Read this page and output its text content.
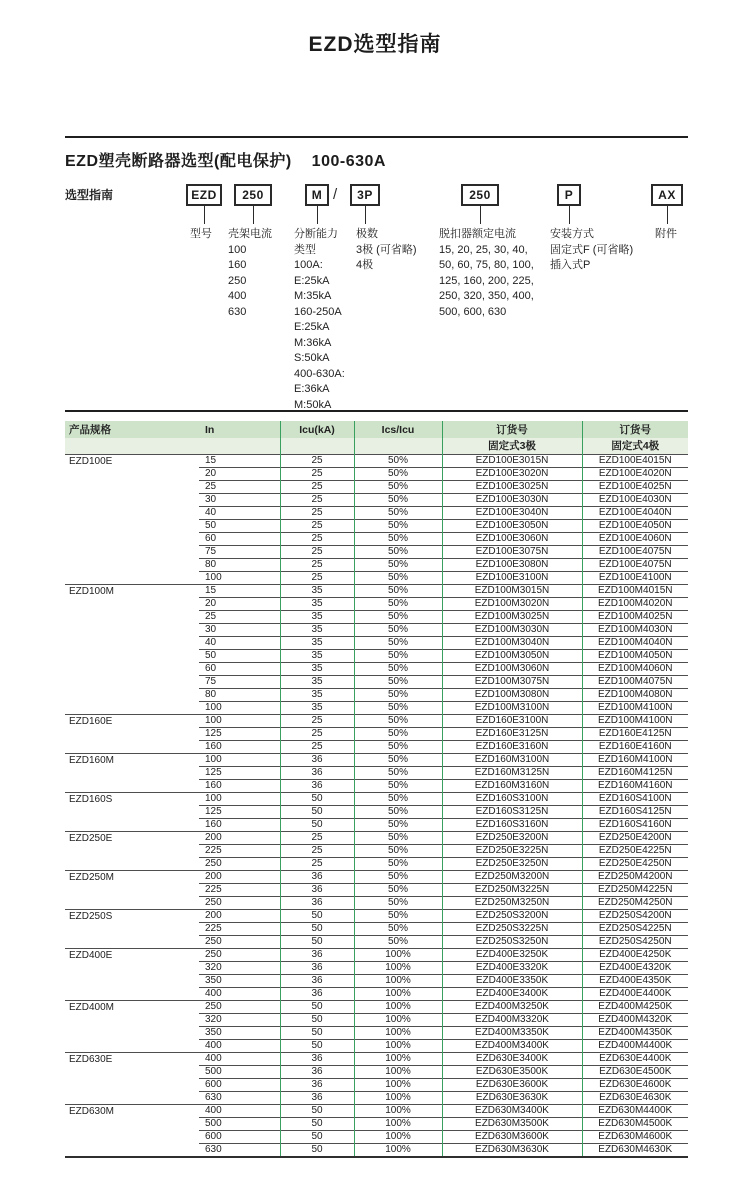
EZD选型指南
EZD塑壳断路器选型(配电保护) 100-630A
选型指南	EZD	250	M /	3P	250	P	AX
型号 壳架电流
100
160
250
400
630
分断能力
类型
100A:
E:25kA
M:35kA
160-250A
E:25kA
M:36kA
S:50kA
400-630A:
E:36kA
M:50kA
极数
3极 (可省略)
4极
脱扣器额定电流
15, 20, 25, 30, 40,
50, 60, 75, 80, 100,
125, 160, 200, 225,
250, 320, 350, 400,
500, 600, 630
安装方式
固定式F (可省略)
插入式P
附件
产品规格	In	Icu(kA)	Ics/Icu	订货号	订货号
				固定式3极	固定式4极
EZD100E	15	25	50%	EZD100E3015N	EZD100E4015N
	20	25	50%	EZD100E3020N	EZD100E4020N
	25	25	50%	EZD100E3025N	EZD100E4025N
	30	25	50%	EZD100E3030N	EZD100E4030N
	40	25	50%	EZD100E3040N	EZD100E4040N
	50	25	50%	EZD100E3050N	EZD100E4050N
	60	25	50%	EZD100E3060N	EZD100E4060N
	75	25	50%	EZD100E3075N	EZD100E4075N
	80	25	50%	EZD100E3080N	EZD100E4075N
	100	25	50%	EZD100E3100N	EZD100E4100N
EZD100M	15	35	50%	EZD100M3015N	EZD100M4015N
	20	35	50%	EZD100M3020N	EZD100M4020N
	25	35	50%	EZD100M3025N	EZD100M4025N
	30	35	50%	EZD100M3030N	EZD100M4030N
	40	35	50%	EZD100M3040N	EZD100M4040N
	50	35	50%	EZD100M3050N	EZD100M4050N
	60	35	50%	EZD100M3060N	EZD100M4060N
	75	35	50%	EZD100M3075N	EZD100M4075N
	80	35	50%	EZD100M3080N	EZD100M4080N
	100	35	50%	EZD100M3100N	EZD100M4100N
EZD160E	100	25	50%	EZD160E3100N	EZD100M4100N
	125	25	50%	EZD160E3125N	EZD160E4125N
	160	25	50%	EZD160E3160N	EZD160E4160N
EZD160M	100	36	50%	EZD160M3100N	EZD160M4100N
	125	36	50%	EZD160M3125N	EZD160M4125N
	160	36	50%	EZD160M3160N	EZD160M4160N
EZD160S	100	50	50%	EZD160S3100N	EZD160S4100N
	125	50	50%	EZD160S3125N	EZD160S4125N
	160	50	50%	EZD160S3160N	EZD160S4160N
EZD250E	200	25	50%	EZD250E3200N	EZD250E4200N
	225	25	50%	EZD250E3225N	EZD250E4225N
	250	25	50%	EZD250E3250N	EZD250E4250N
EZD250M	200	36	50%	EZD250M3200N	EZD250M4200N
	225	36	50%	EZD250M3225N	EZD250M4225N
	250	36	50%	EZD250M3250N	EZD250M4250N
EZD250S	200	50	50%	EZD250S3200N	EZD250S4200N
	225	50	50%	EZD250S3225N	EZD250S4225N
	250	50	50%	EZD250S3250N	EZD250S4250N
EZD400E	250	36	100%	EZD400E3250K	EZD400E4250K
	320	36	100%	EZD400E3320K	EZD400E4320K
	350	36	100%	EZD400E3350K	EZD400E4350K
	400	36	100%	EZD400E3400K	EZD400E4400K
EZD400M	250	50	100%	EZD400M3250K	EZD400M4250K
	320	50	100%	EZD400M3320K	EZD400M4320K
	350	50	100%	EZD400M3350K	EZD400M4350K
	400	50	100%	EZD400M3400K	EZD400M4400K
EZD630E	400	36	100%	EZD630E3400K	EZD630E4400K
	500	36	100%	EZD630E3500K	EZD630E4500K
	600	36	100%	EZD630E3600K	EZD630E4600K
	630	36	100%	EZD630E3630K	EZD630E4630K
EZD630M	400	50	100%	EZD630M3400K	EZD630M4400K
	500	50	100%	EZD630M3500K	EZD630M4500K
	600	50	100%	EZD630M3600K	EZD630M4600K
	630	50	100%	EZD630M3630K	EZD630M4630K
